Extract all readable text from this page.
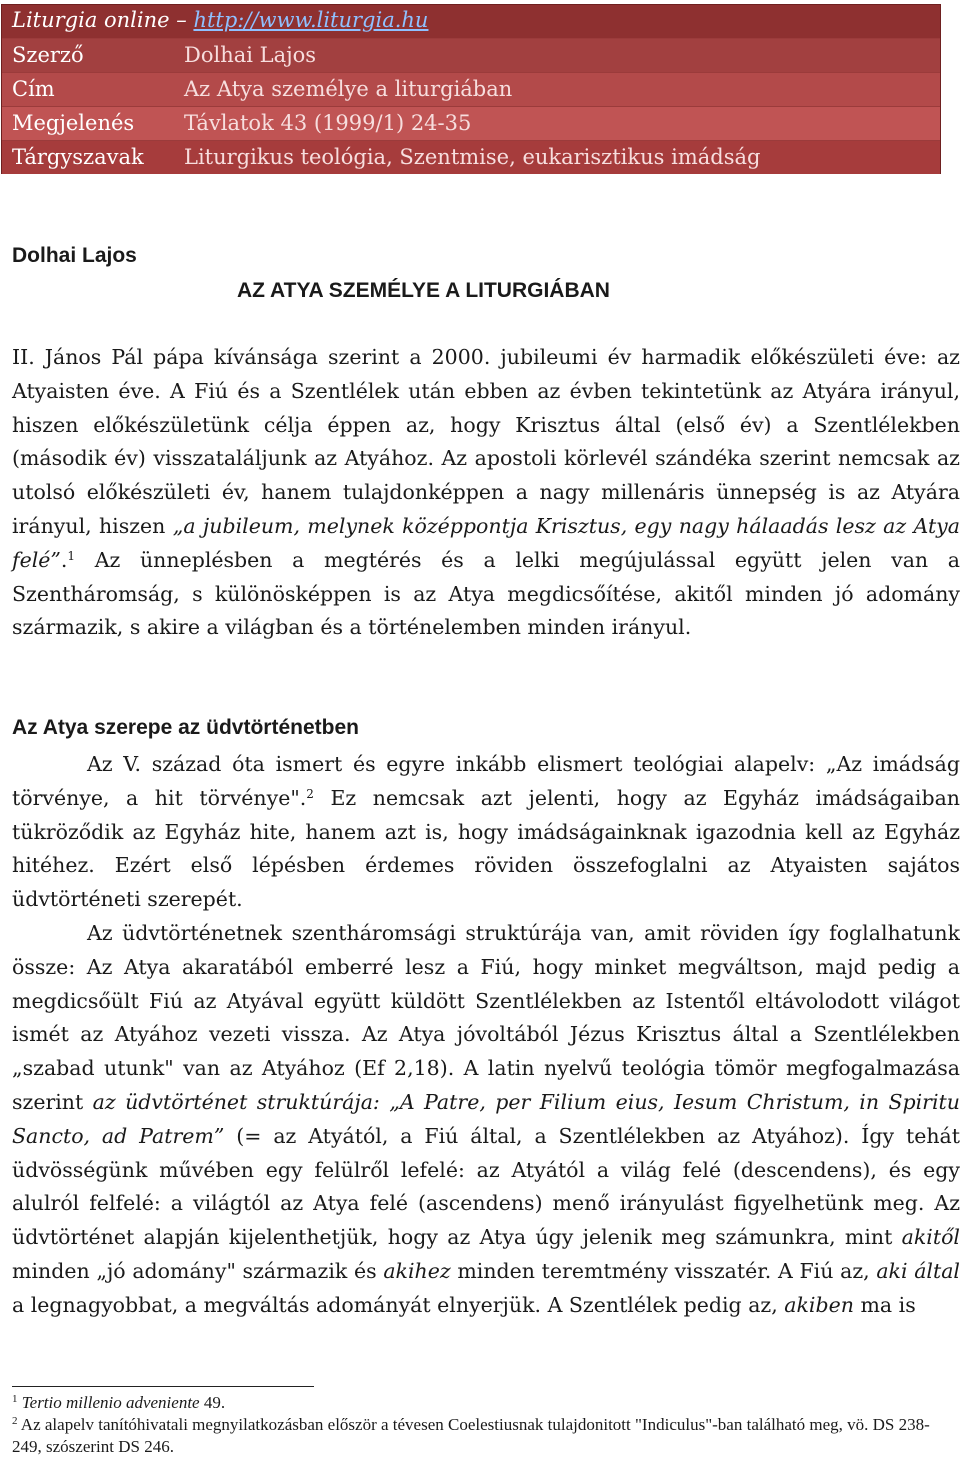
Liturgia online – http://www.liturgia.hu
Szerző	Dolhai Lajos
Cím	Az Atya személye a liturgiában
Megjelenés Távlatok 43 (1999/1) 24-35
Tárgyszavak Liturgikus teológia, Szentmise, eukarisztikus imádság
Dolhai Lajos
AZ ATYA SZEMÉLYE A LITURGIÁBAN
II. János Pál pápa kívánsága szerint a 2000. jubileumi év harmadik előkészületi éve: az Atyaisten éve. A Fiú és a Szentlélek után ebben az évben tekintetünk az Atyára irányul, hiszen előkészületünk célja éppen az, hogy Krisztus által (első év) a Szentlélekben (második év) visszataláljunk az Atyához. Az apostoli körlevél szándéka szerint nemcsak az utolsó előkészületi év, hanem tulajdonképpen a nagy millenáris ünnepség is az Atyára irányul, hiszen „a jubileum, melynek középpontja Krisztus, egy nagy hálaadás lesz az Atya felé”.$^1$ Az ünneplésben a megtérés és a lelki megújulással együtt jelen van a Szentháromság, s különösképpen is az Atya megdicsőítése, akitől minden jó adomány származik, s akire a világban és a történelemben minden irányul.
Az Atya szerepe az üdvtörténetben
Az V. század óta ismert és egyre inkább elismert teológiai alapelv: „Az imádság törvénye, a hit törvénye".$^2$ Ez nemcsak azt jelenti, hogy az Egyház imádságaiban tükröződik az Egyház hite, hanem azt is, hogy imádságainknak igazodnia kell az Egyház hitéhez. Ezért első lépésben érdemes röviden összefoglalni az Atyaisten sajátos üdvtörténeti szerepét.
Az üdvtörténetnek szentháromsági struktúrája van, amit röviden így foglalhatunk össze: Az Atya akaratából emberré lesz a Fiú, hogy minket megváltson, majd pedig a megdicsőült Fiú az Atyával együtt küldött Szentlélekben az Istentől eltávolodott világot ismét az Atyához vezeti vissza. Az Atya jóvoltából Jézus Krisztus által a Szentlélekben „szabad utunk" van az Atyához (Ef 2,18). A latin nyelvű teológia tömör megfogalmazása szerint az üdvtörténet struktúrája: „A Patre, per Filium eius, Iesum Christum, in Spiritu Sancto, ad Patrem” (= az Atyától, a Fiú által, a Szentlélekben az Atyához). Így tehát üdvösségünk művében egy felülről lefelé: az Atyától a világ felé (descendens), és egy alulról felfelé: a világtól az Atya felé (ascendens) menő irányulást figyelhetünk meg. Az üdvtörténet alapján kijelenthetjük, hogy az Atya úgy jelenik meg számunkra, mint akitől minden „jó adomány" származik és akihez minden teremtmény visszatér. A Fiú az, aki által a legnagyobbat, a megváltás adományát elnyerjük. A Szentlélek pedig az, akiben ma is

$^1$ Tertio millenio adveniente 49.

$^2$ Az alapelv tanítóhivatali megnyilatkozásban először a tévesen Coelestiusnak tulajdonitott "Indiculus"-ban található meg, vö. DS 238-249, szószerint DS 246.
